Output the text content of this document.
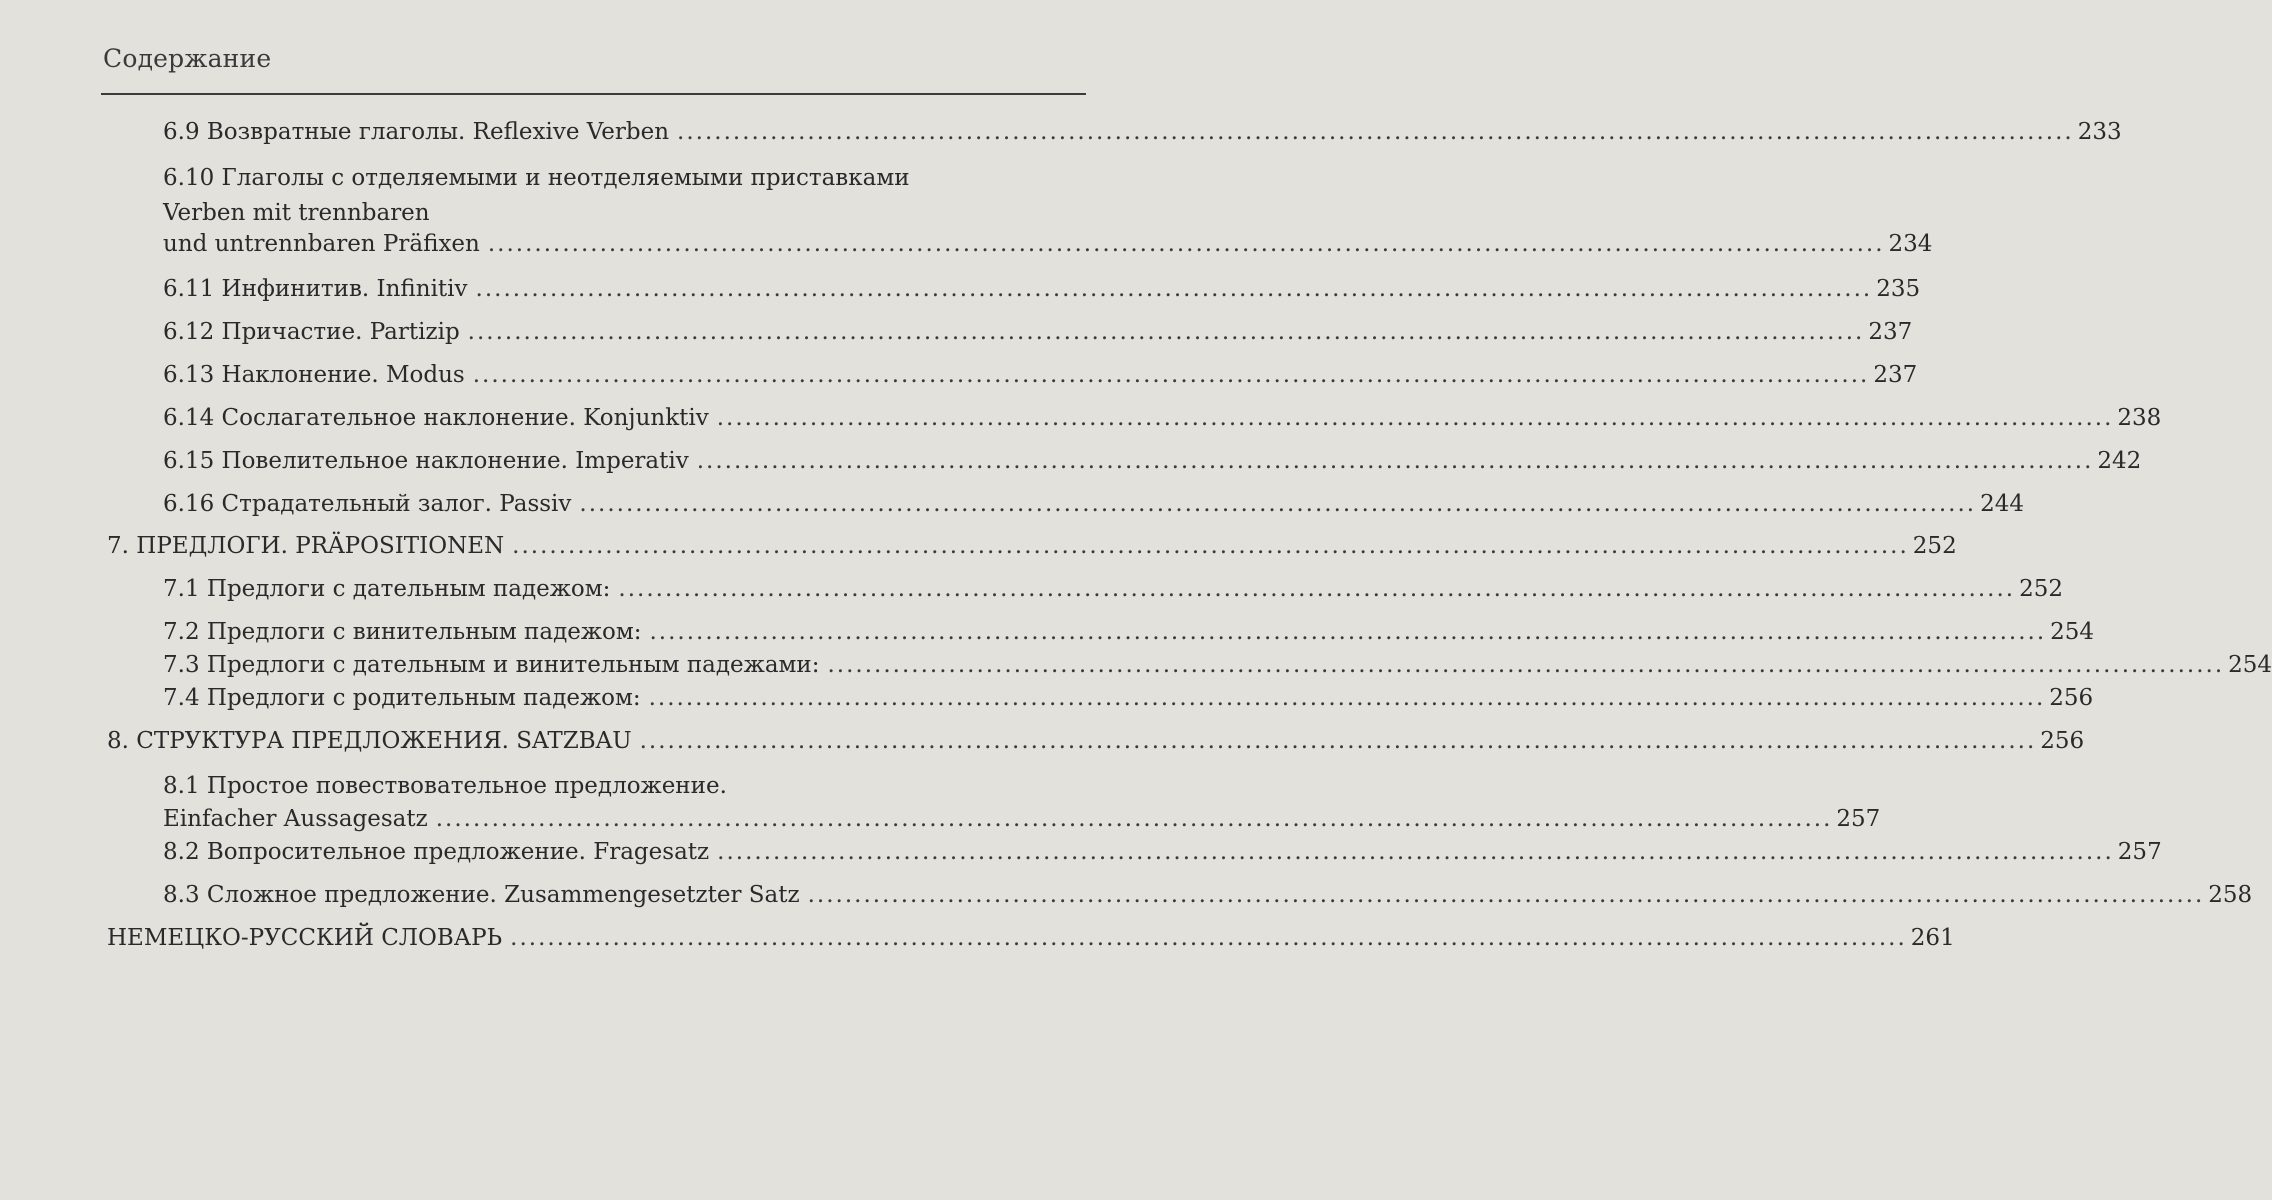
Содержание
6.9 Возвратные глаголы. Reflexive Verben ...................................................................................................................................................... 233
6.10 Глаголы с отделяемыми и неотделяемыми приставками
Verben mit trennbaren
und untrennbaren Präfixen ...................................................................................................................................................... 234
6.11 Инфинитив. Infinitiv ...................................................................................................................................................... 235
6.12 Причастие. Partizip ...................................................................................................................................................... 237
6.13 Наклонение. Modus ...................................................................................................................................................... 237
6.14 Сослагательное наклонение. Konjunktiv ...................................................................................................................................................... 238
6.15 Повелительное наклонение. Imperativ ...................................................................................................................................................... 242
6.16 Страдательный залог. Passiv ...................................................................................................................................................... 244
7. ПРЕДЛОГИ. PRÄPOSITIONEN ...................................................................................................................................................... 252
7.1 Предлоги с дательным падежом: ...................................................................................................................................................... 252
7.2 Предлоги с винительным падежом: ...................................................................................................................................................... 254
7.3 Предлоги с дательным и винительным падежами: ...................................................................................................................................................... 254
7.4 Предлоги с родительным падежом: ...................................................................................................................................................... 256
8. СТРУКТУРА ПРЕДЛОЖЕНИЯ. SATZBAU ...................................................................................................................................................... 256
8.1 Простое повествовательное предложение.
Einfacher Aussagesatz ...................................................................................................................................................... 257
8.2 Вопросительное предложение. Fragesatz ...................................................................................................................................................... 257
8.3 Сложное предложение. Zusammengesetzter Satz ...................................................................................................................................................... 258
НЕМЕЦКО-РУССКИЙ СЛОВАРЬ ...................................................................................................................................................... 261
